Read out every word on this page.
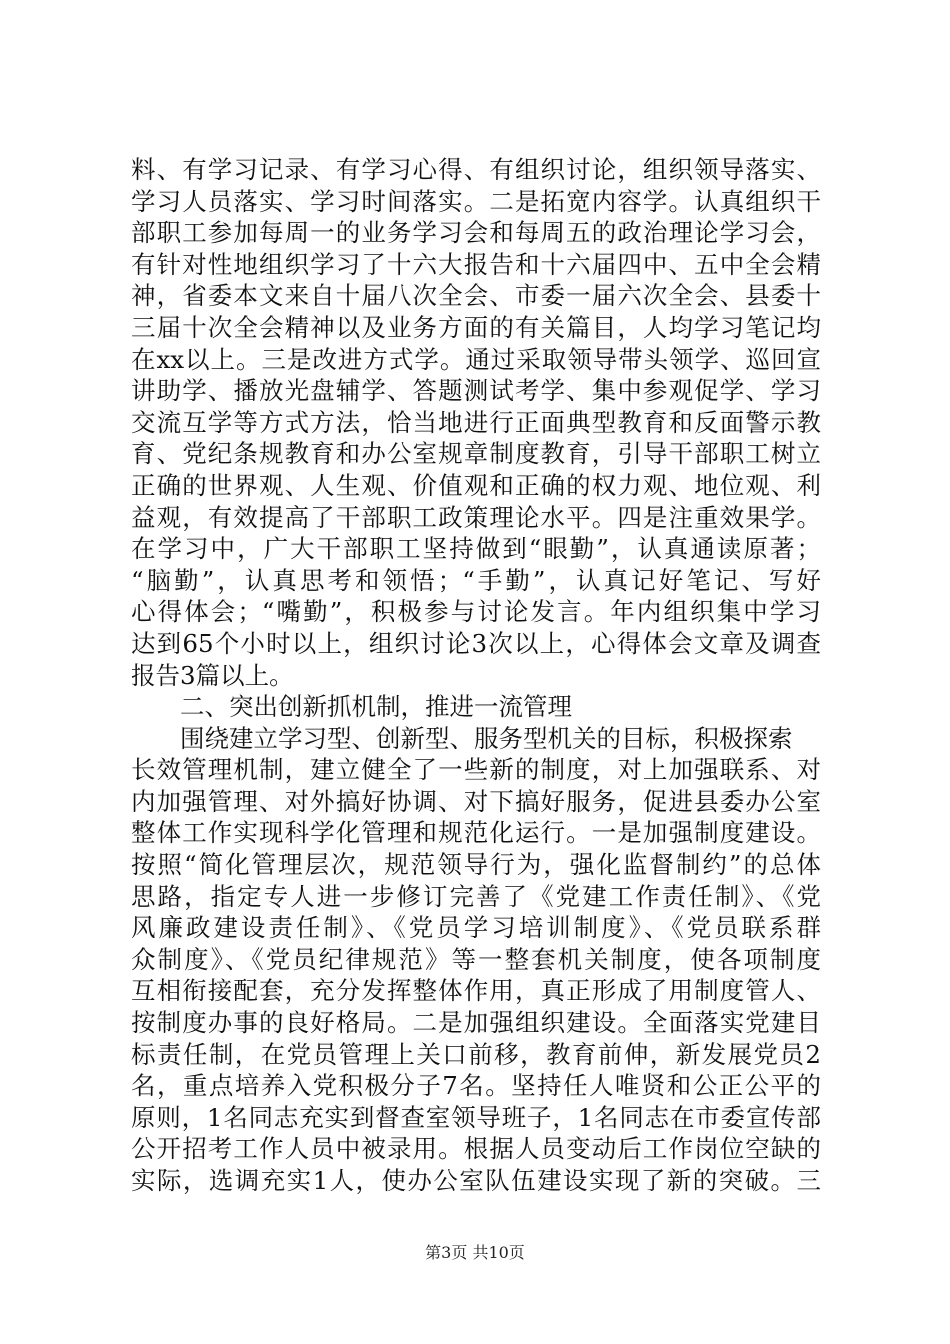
料、有学习记录、有学习心得、有组织讨论，组织领导落实、
学习人员落实、学习时间落实。二是拓宽内容学。认真组织干
部职工参加每周一的业务学习会和每周五的政治理论学习会，
有针对性地组织学习了十六大报告和十六届四中、五中全会精
神，省委本文来自十届八次全会、市委一届六次全会、县委十
三届十次全会精神以及业务方面的有关篇目，人均学习笔记均
在xx以上。三是改进方式学。通过采取领导带头领学、巡回宣
讲助学、播放光盘辅学、答题测试考学、集中参观促学、学习
交流互学等方式方法，恰当地进行正面典型教育和反面警示教
育、党纪条规教育和办公室规章制度教育，引导干部职工树立
正确的世界观、人生观、价值观和正确的权力观、地位观、利
益观，有效提高了干部职工政策理论水平。四是注重效果学。
在学习中，广大干部职工坚持做到“眼勤”，认真通读原著；
“脑勤”，认真思考和领悟；“手勤”，认真记好笔记、写好
心得体会；“嘴勤”，积极参与讨论发言。年内组织集中学习
达到65个小时以上，组织讨论3次以上，心得体会文章及调查
报告3篇以上。
二、突出创新抓机制，推进一流管理
围绕建立学习型、创新型、服务型机关的目标，积极探索
长效管理机制，建立健全了一些新的制度，对上加强联系、对
内加强管理、对外搞好协调、对下搞好服务，促进县委办公室
整体工作实现科学化管理和规范化运行。一是加强制度建设。
按照“简化管理层次，规范领导行为，强化监督制约”的总体
思路，指定专人进一步修订完善了《党建工作责任制》、《党
风廉政建设责任制》、《党员学习培训制度》、《党员联系群
众制度》、《党员纪律规范》等一整套机关制度，使各项制度
互相衔接配套，充分发挥整体作用，真正形成了用制度管人、
按制度办事的良好格局。二是加强组织建设。全面落实党建目
标责任制，在党员管理上关口前移，教育前伸，新发展党员2
名，重点培养入党积极分子7名。坚持任人唯贤和公正公平的
原则，1名同志充实到督查室领导班子，1名同志在市委宣传部
公开招考工作人员中被录用。根据人员变动后工作岗位空缺的
实际，选调充实1人，使办公室队伍建设实现了新的突破。三
第3页 共10页
